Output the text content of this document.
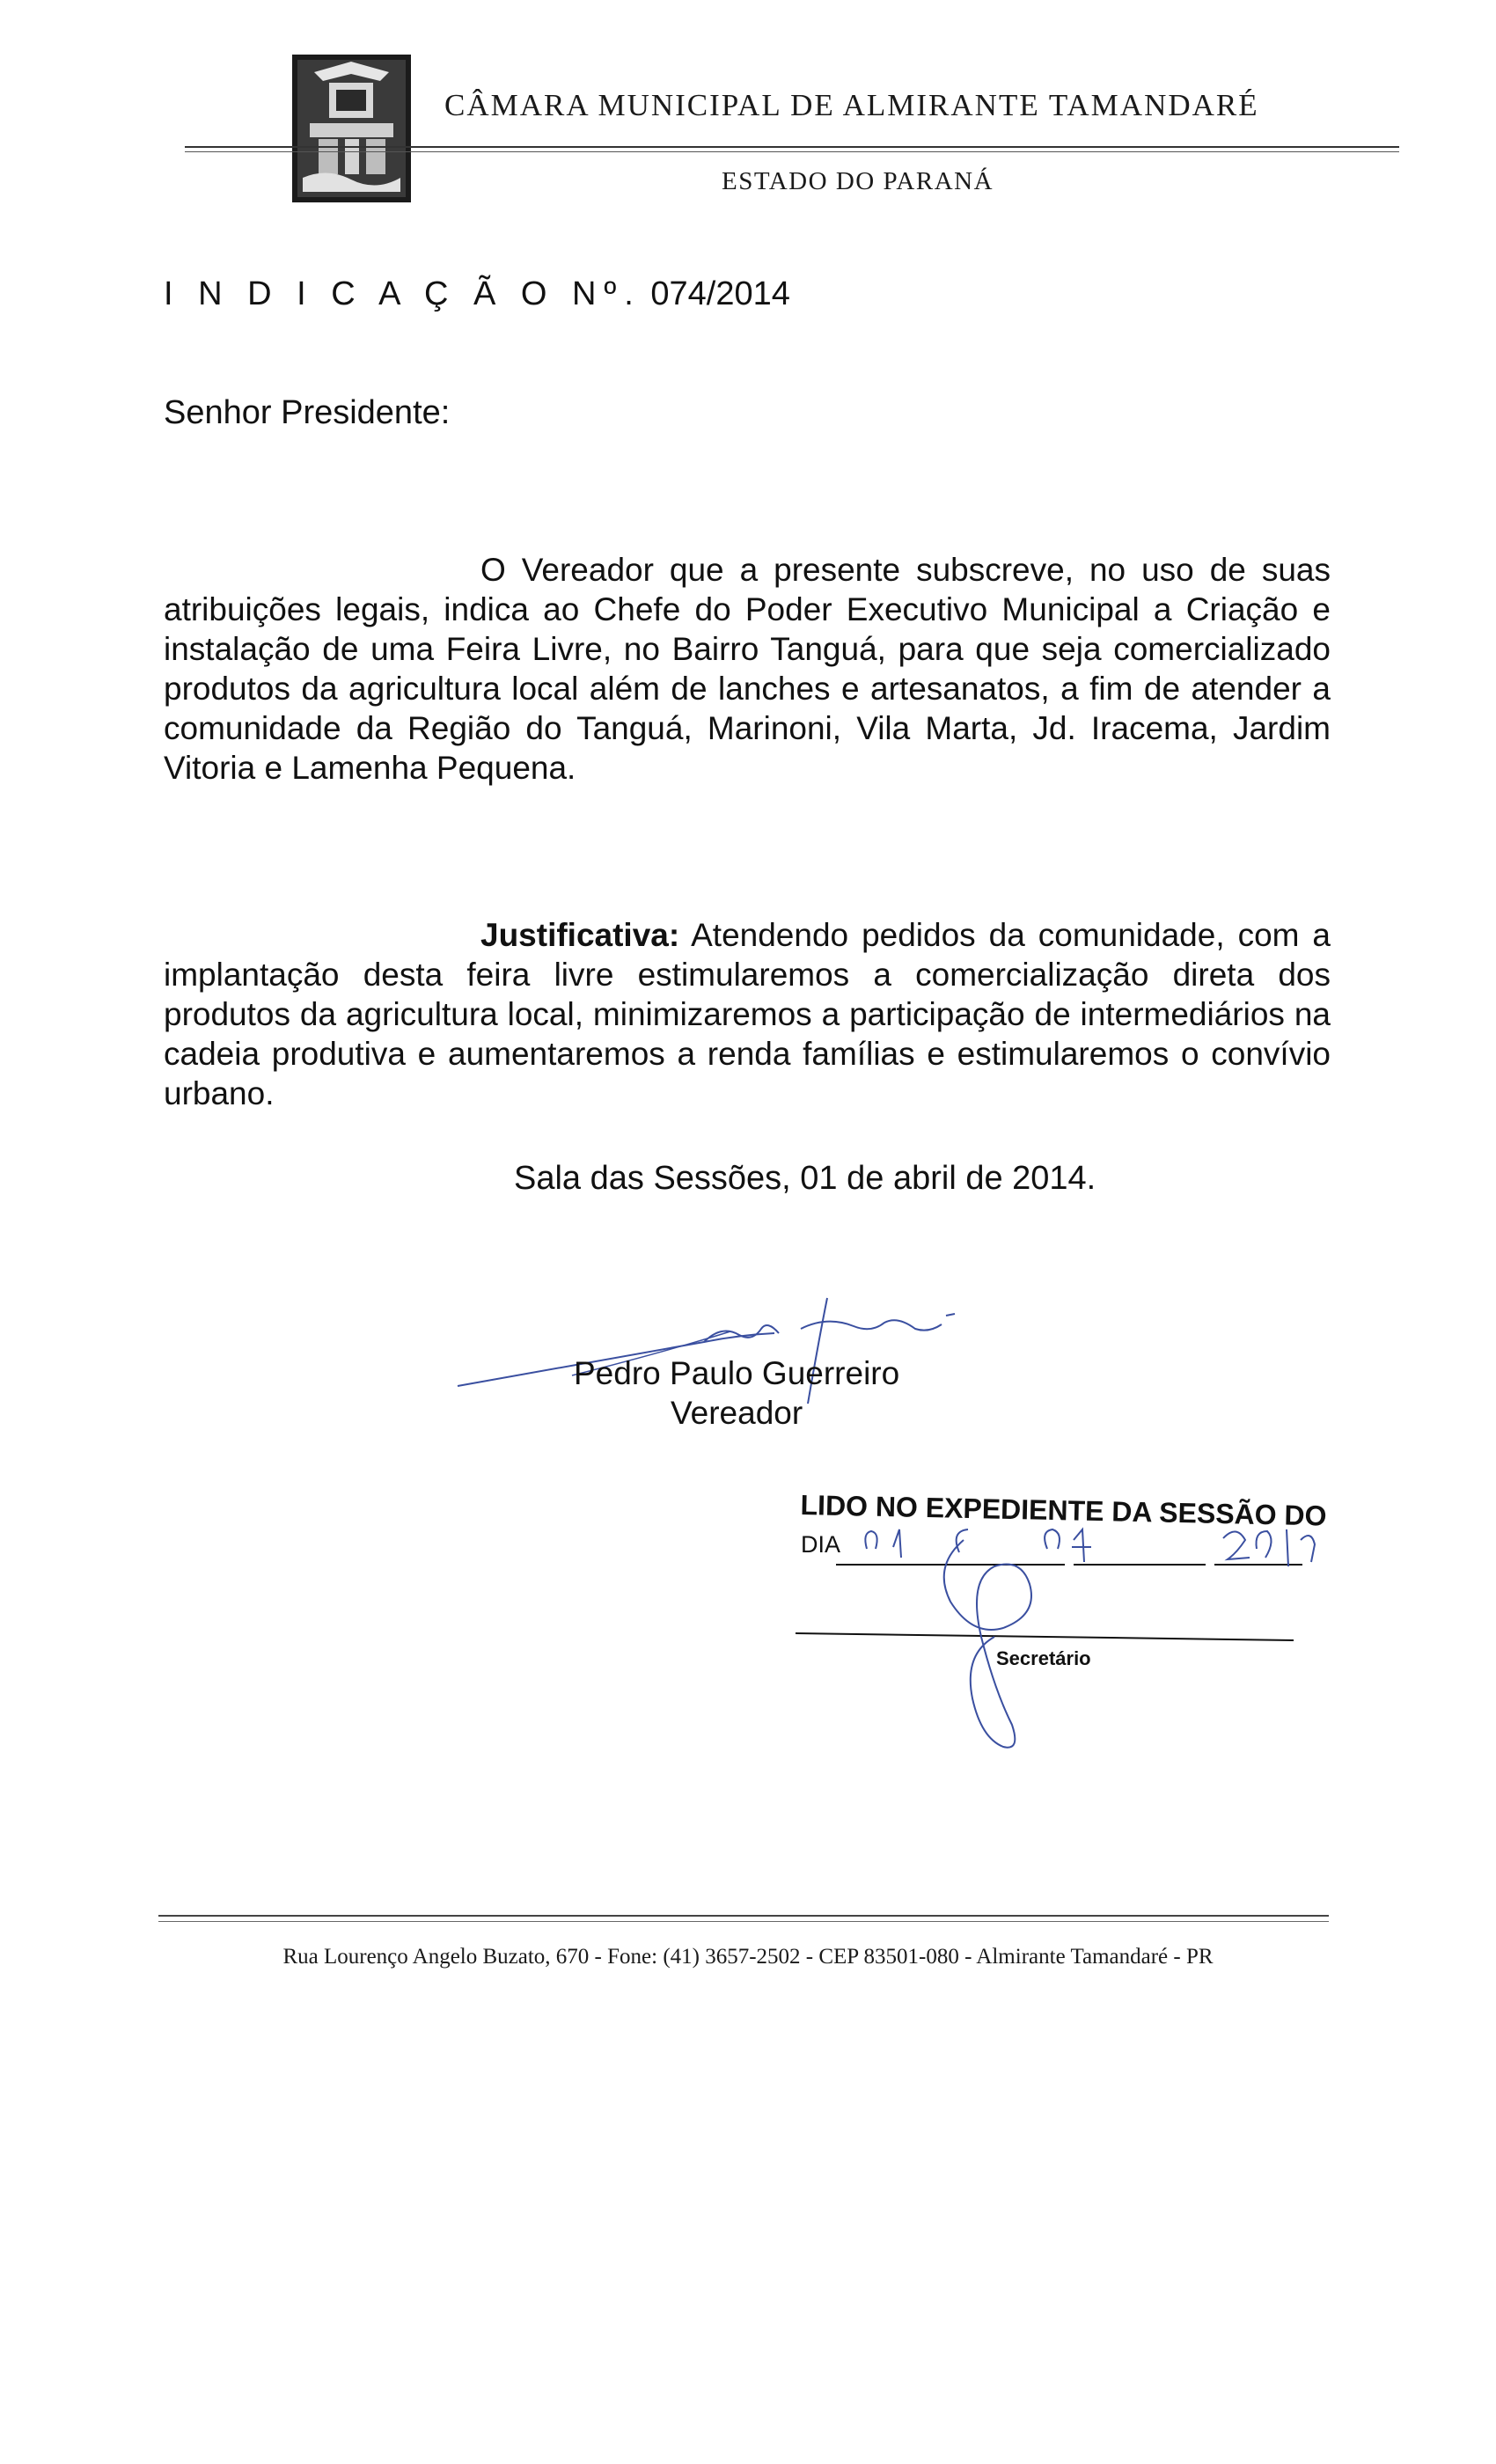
CÂMARA MUNICIPAL DE ALMIRANTE TAMANDARÉ
ESTADO DO PARANÁ
I N D I C A Ç Ã O Nº. 074/2014
Senhor Presidente:
O Vereador que a presente subscreve, no uso de suas atribuições legais, indica ao Chefe do Poder Executivo Municipal a Criação e instalação de uma Feira Livre, no Bairro Tanguá, para que seja comercializado produtos da agricultura local além de lanches e artesanatos, a fim de atender a comunidade da Região do Tanguá, Marinoni, Vila Marta, Jd. Iracema, Jardim Vitoria e Lamenha Pequena.
Justificativa: Atendendo pedidos da comunidade, com a implantação desta feira livre estimularemos a comercialização direta dos produtos da agricultura local, minimizaremos a participação de intermediários na cadeia produtiva e aumentaremos a renda famílias e estimularemos o convívio urbano.
Sala das Sessões, 01 de abril de 2014.
Pedro Paulo Guerreiro
Vereador
LIDO NO EXPEDIENTE DA SESSÃO DO
DIA
Secretário
Rua Lourenço Angelo Buzato, 670 - Fone: (41) 3657-2502 - CEP 83501-080 - Almirante Tamandaré - PR
